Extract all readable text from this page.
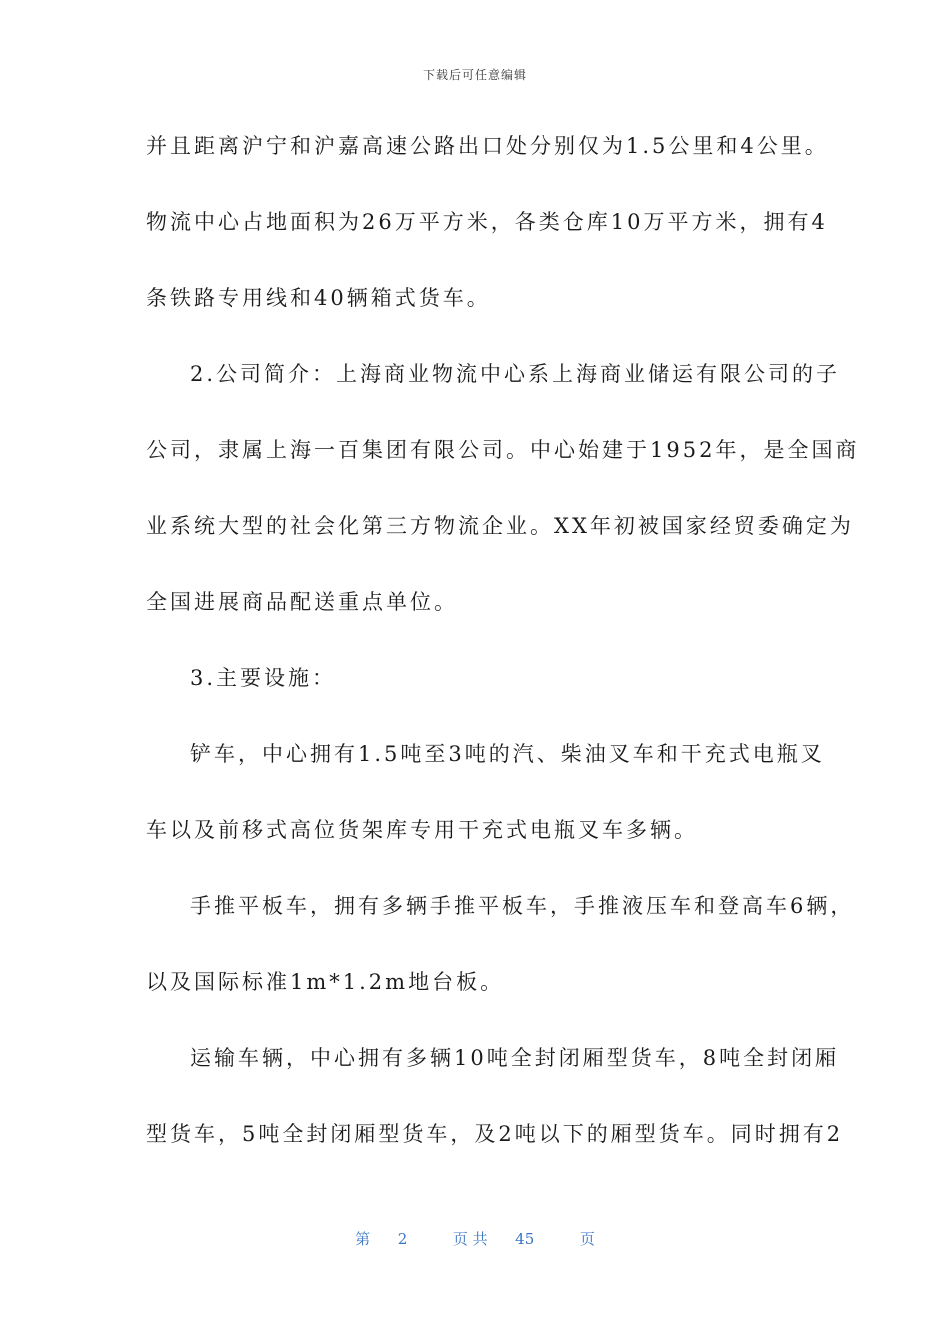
下载后可任意编辑
并且距离沪宁和沪嘉高速公路出口处分别仅为1.5公里和4公里。
物流中心占地面积为26万平方米，各类仓库10万平方米，拥有4
条铁路专用线和40辆箱式货车。
2.公司简介：上海商业物流中心系上海商业储运有限公司的子
公司，隶属上海一百集团有限公司。中心始建于1952年，是全国商
业系统大型的社会化第三方物流企业。XX年初被国家经贸委确定为
全国进展商品配送重点单位。
3.主要设施：
铲车，中心拥有1.5吨至3吨的汽、柴油叉车和干充式电瓶叉
车以及前移式高位货架库专用干充式电瓶叉车多辆。
手推平板车，拥有多辆手推平板车，手推液压车和登高车6辆，
以及国际标准1m*1.2m地台板。
运输车辆，中心拥有多辆10吨全封闭厢型货车，8吨全封闭厢
型货车，5吨全封闭厢型货车，及2吨以下的厢型货车。同时拥有2
第 2	页 共 45	页
